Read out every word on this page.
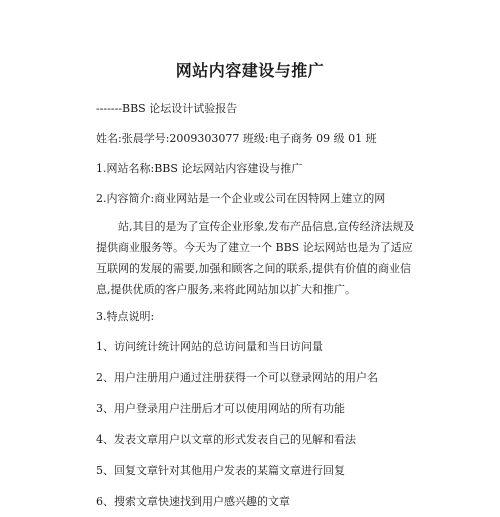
网站内容建设与推广
-------BBS 论坛设计试验报告
姓名:张晨学号:2009303077 班级:电子商务 09 级 01 班
1.网站名称:BBS 论坛网站内容建设与推广
2.内容简介:商业网站是一个企业或公司在因特网上建立的网
站,其目的是为了宣传企业形象,发布产品信息,宣传经济法规及提供商业服务等。今天为了建立一个 BBS 论坛网站也是为了适应互联网的发展的需要,加强和顾客之间的联系,提供有价值的商业信息,提供优质的客户服务,来将此网站加以扩大和推广。
3.特点说明:
1、访问统计统计网站的总访问量和当日访问量
2、用户注册用户通过注册获得一个可以登录网站的用户名
3、用户登录用户注册后才可以使用网站的所有功能
4、发表文章用户以文章的形式发表自己的见解和看法
5、回复文章针对其他用户发表的某篇文章进行回复
6、搜索文章快速找到用户感兴趣的文章
